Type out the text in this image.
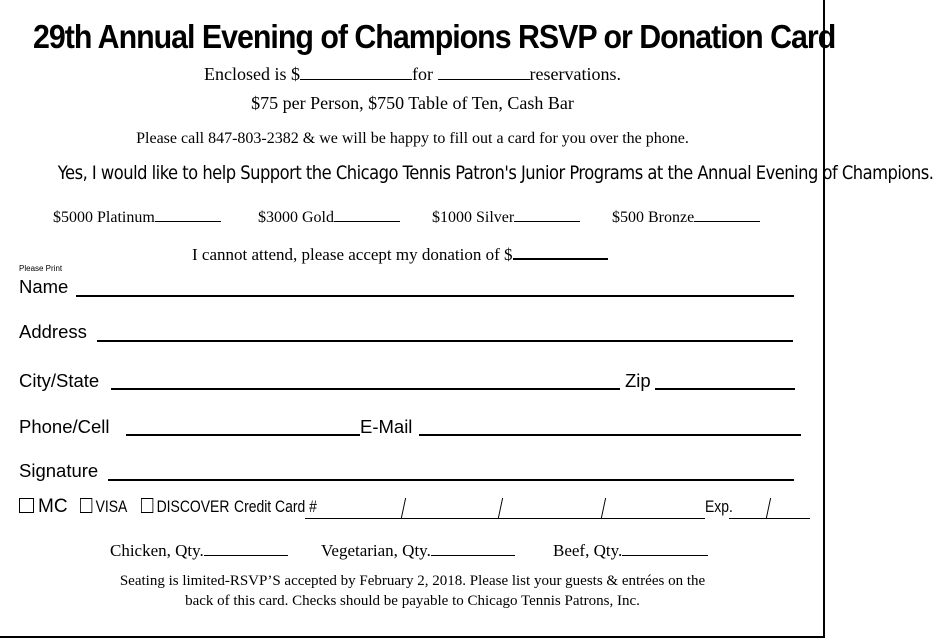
29th Annual Evening of Champions RSVP or Donation Card
Enclosed is $	for	reservations.
$75 per Person, $750 Table of Ten, Cash Bar
Please call 847-803-2382 & we will be happy to fill out a card for you over the phone.
Yes, I would like to help Support the Chicago Tennis Patron's Junior Programs at the Annual Evening of Champions.
$5000 Platinum	$3000 Gold	$1000 Silver	$500 Bronze
I cannot attend, please accept my donation of $
Please Print
Name
Address
City/State	Zip
Phone/Cell	E-Mail
Signature
MC	VISA	DISCOVER Credit Card #	Exp.
Chicken, Qty.	Vegetarian, Qty.	Beef, Qty.
Seating is limited-RSVP’S accepted by February 2, 2018. Please list your guests & entrées on the
back of this card. Checks should be payable to Chicago Tennis Patrons, Inc.
